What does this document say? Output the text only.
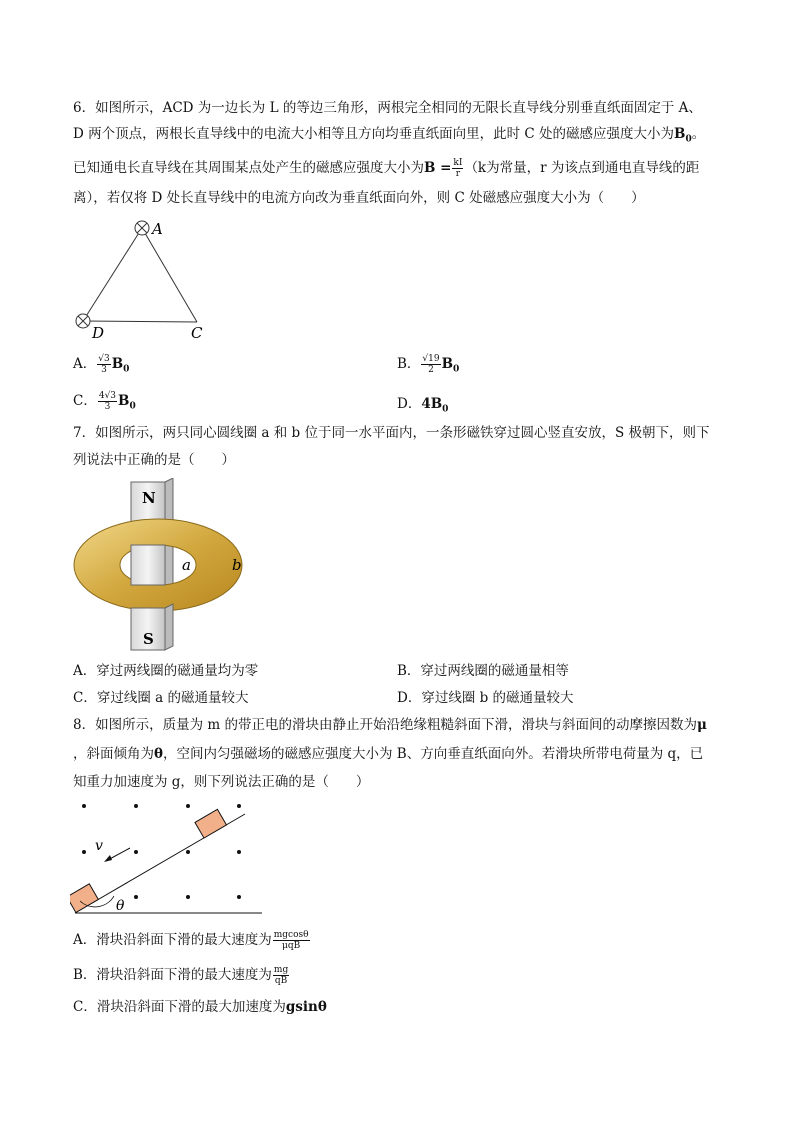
6．如图所示，ACD 为一边长为 L 的等边三角形，两根完全相同的无限长直导线分别垂直纸面固定于 A、
D 两个顶点，两根长直导线中的电流大小相等且方向均垂直纸面向里，此时 C 处的磁感应强度大小为$B_0$。
已知通电长直导线在其周围某点处产生的磁感应强度大小为$B = \frac{kI}{r} (k$为常量，r 为该点到通电直导线的距
离），若仅将 D 处长直导线中的电流方向改为垂直纸面向外，则 C 处磁感应强度大小为（　　）
A
D	C
A． $\frac{√3}{3} B_0$	B． $\frac{√19}{2} B_0$
C． $\frac{4√3}{3} B_0$	D．$4B_0$
7．如图所示，两只同心圆线圈 a 和 b 位于同一水平面内，一条形磁铁穿过圆心竖直安放，S 极朝下，则下
列说法中正确的是（　　）
N
S
a	b
A．穿过两线圈的磁通量均为零	B．穿过两线圈的磁通量相等
C．穿过线圈 a 的磁通量较大	D．穿过线圈 b 的磁通量较大
8．如图所示，质量为 m 的带正电的滑块由静止开始沿绝缘粗糙斜面下滑，滑块与斜面间的动摩擦因数为μ
，斜面倾角为θ，空间内匀强磁场的磁感应强度大小为 B、方向垂直纸面向外。若滑块所带电荷量为 q，已
知重力加速度为 g，则下列说法正确的是（　　）
θ
v
A．滑块沿斜面下滑的最大速度为 $\frac{mgcos\theta}{\text{μqB}}$
B．滑块沿斜面下滑的最大速度为 $\frac{mg}{qB}$
C．滑块沿斜面下滑的最大加速度为gsinθ
